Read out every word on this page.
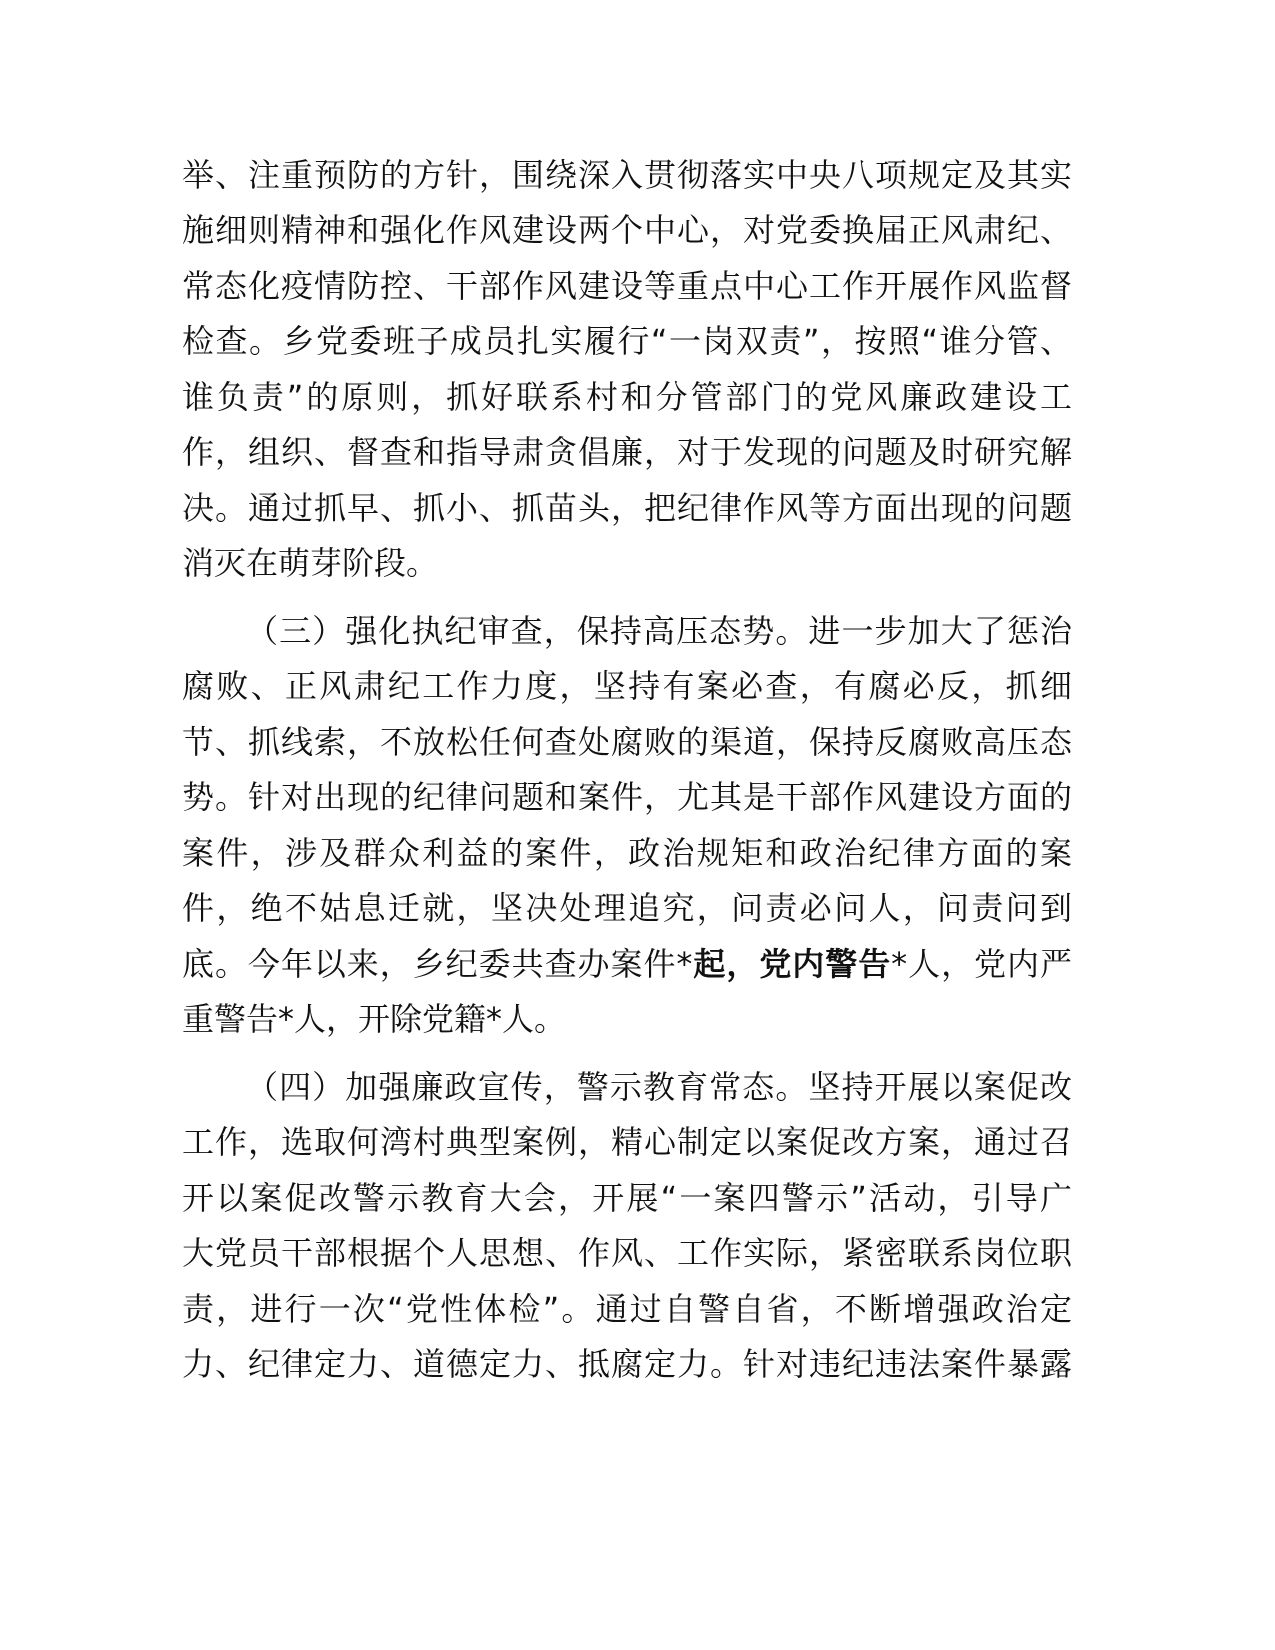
举、注重预防的方针，围绕深入贯彻落实中央八项规定及其实
施细则精神和强化作风建设两个中心，对党委换届正风肃纪、
常态化疫情防控、干部作风建设等重点中心工作开展作风监督
检查。乡党委班子成员扎实履行“一岗双责”，按照“谁分管、
谁负责”的原则，抓好联系村和分管部门的党风廉政建设工
作，组织、督查和指导肃贪倡廉，对于发现的问题及时研究解
决。通过抓早、抓小、抓苗头，把纪律作风等方面出现的问题
消灭在萌芽阶段。
（三）强化执纪审查，保持高压态势。进一步加大了惩治
腐败、正风肃纪工作力度，坚持有案必查，有腐必反，抓细
节、抓线索，不放松任何查处腐败的渠道，保持反腐败高压态
势。针对出现的纪律问题和案件，尤其是干部作风建设方面的
案件，涉及群众利益的案件，政治规矩和政治纪律方面的案
件，绝不姑息迁就，坚决处理追究，问责必问人，问责问到
底。今年以来，乡纪委共查办案件*起，党内警告*人，党内严
重警告*人，开除党籍*人。
（四）加强廉政宣传，警示教育常态。坚持开展以案促改
工作，选取何湾村典型案例，精心制定以案促改方案，通过召
开以案促改警示教育大会，开展“一案四警示”活动，引导广
大党员干部根据个人思想、作风、工作实际，紧密联系岗位职
责，进行一次“党性体检”。通过自警自省，不断增强政治定
力、纪律定力、道德定力、抵腐定力。针对违纪违法案件暴露
